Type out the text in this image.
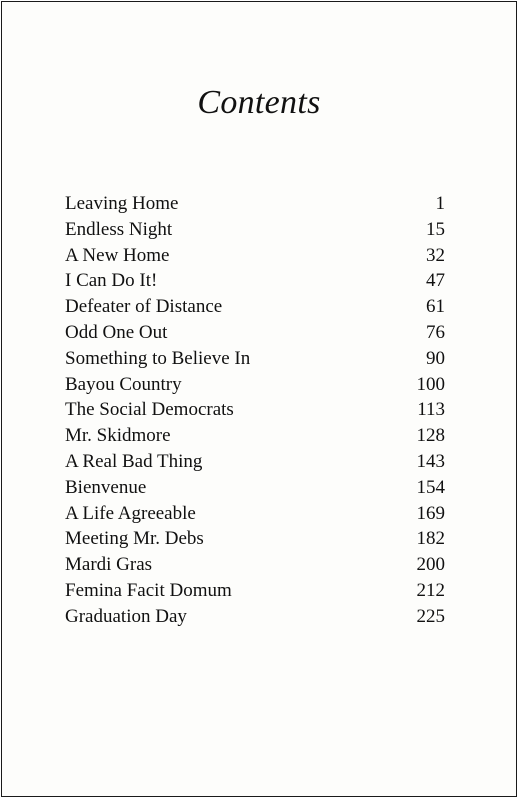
Contents
Leaving Home	1
Endless Night	15
A New Home	32
I Can Do It!	47
Defeater of Distance	61
Odd One Out	76
Something to Believe In	90
Bayou Country	100
The Social Democrats	113
Mr. Skidmore	128
A Real Bad Thing	143
Bienvenue	154
A Life Agreeable	169
Meeting Mr. Debs	182
Mardi Gras	200
Femina Facit Domum	212
Graduation Day	225
